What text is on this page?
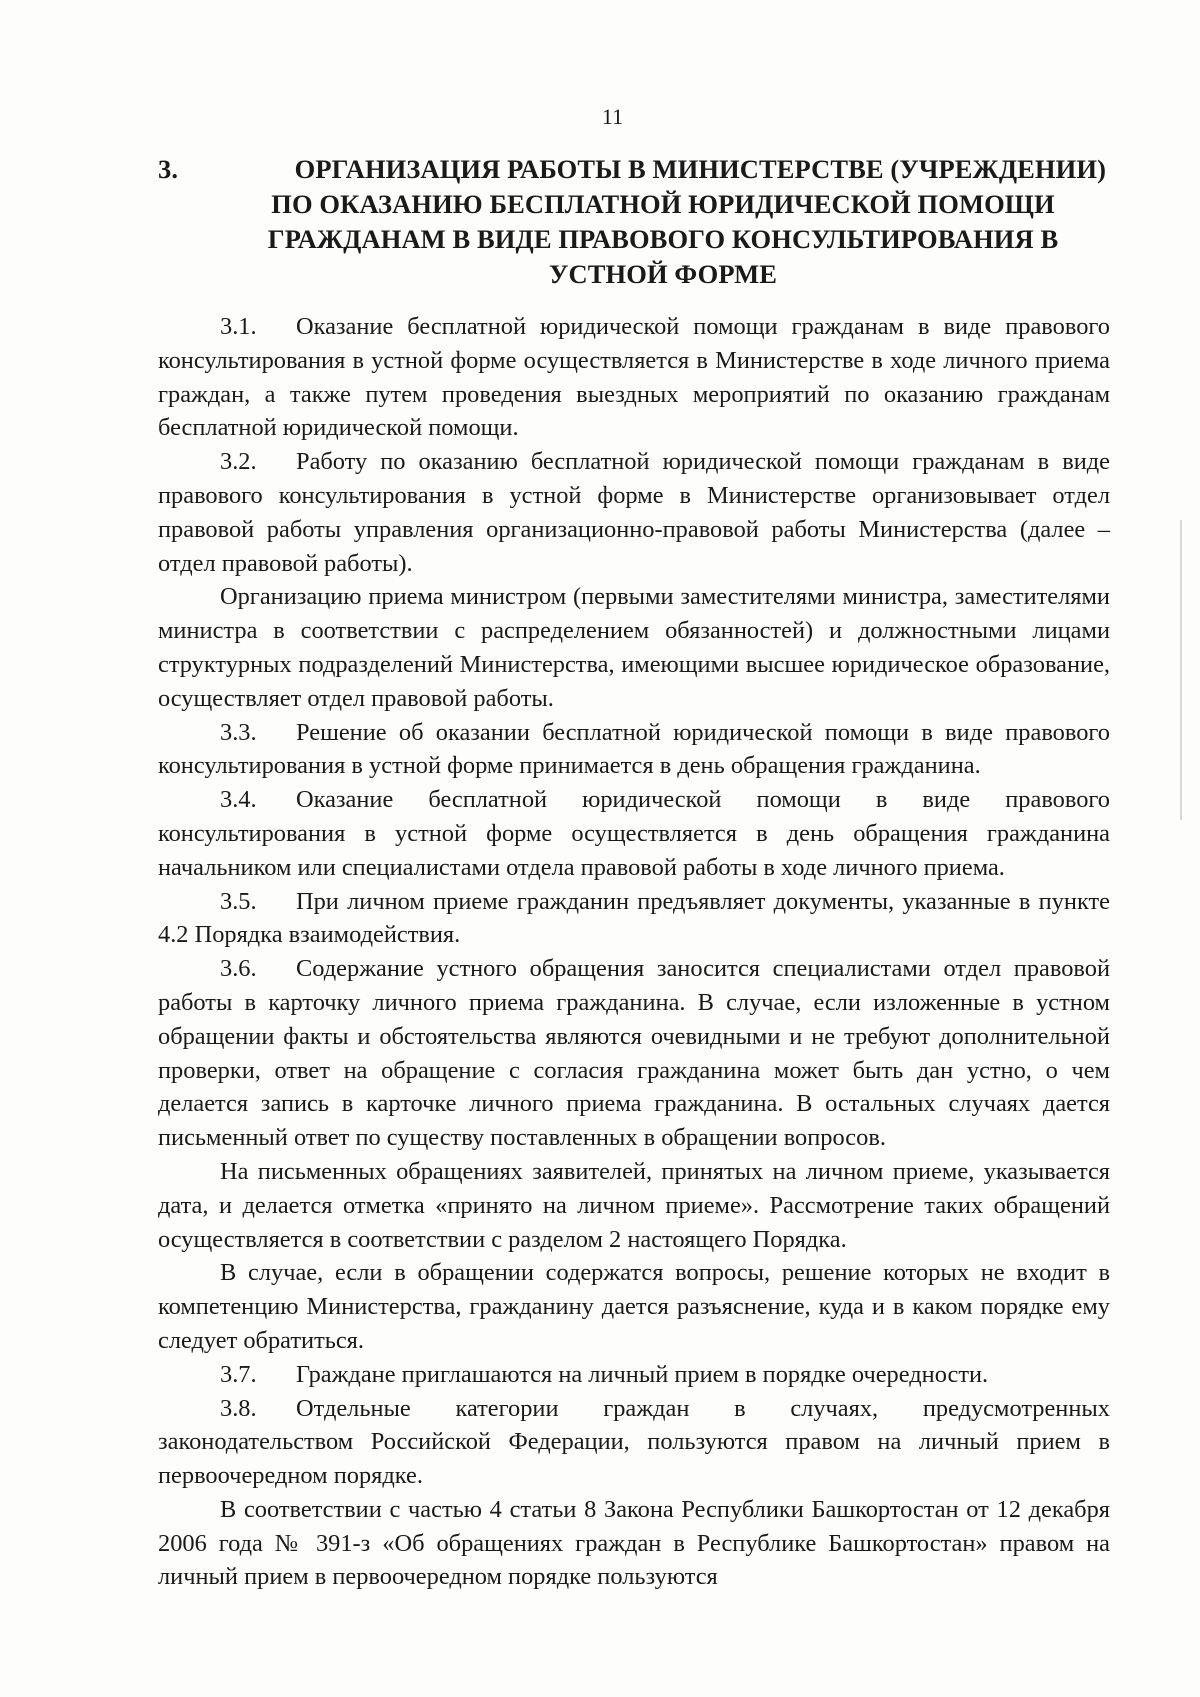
11
3.	ОРГАНИЗАЦИЯ РАБОТЫ В МИНИСТЕРСТВЕ (УЧРЕЖДЕНИИ)
ПО ОКАЗАНИЮ БЕСПЛАТНОЙ ЮРИДИЧЕСКОЙ ПОМОЩИ
ГРАЖДАНАМ В ВИДЕ ПРАВОВОГО КОНСУЛЬТИРОВАНИЯ В
УСТНОЙ ФОРМЕ

3.1. Оказание бесплатной юридической помощи гражданам в виде правового консультирования в устной форме осуществляется в Министерстве в ходе личного приема граждан, а также путем проведения выездных мероприятий по оказанию гражданам бесплатной юридической помощи.

3.2. Работу по оказанию бесплатной юридической помощи гражданам в виде правового консультирования в устной форме в Министерстве организовывает отдел правовой работы управления организационно-правовой работы Министерства (далее – отдел правовой работы).

Организацию приема министром (первыми заместителями министра, заместителями министра в соответствии с распределением обязанностей) и должностными лицами структурных подразделений Министерства, имеющими высшее юридическое образование, осуществляет отдел правовой работы.

3.3. Решение об оказании бесплатной юридической помощи в виде правового консультирования в устной форме принимается в день обращения гражданина.

3.4. Оказание бесплатной юридической помощи в виде правового консультирования в устной форме осуществляется в день обращения гражданина начальником или специалистами отдела правовой работы в ходе личного приема.

3.5. При личном приеме гражданин предъявляет документы, указанные в пункте 4.2 Порядка взаимодействия.

3.6. Содержание устного обращения заносится специалистами отдел правовой работы в карточку личного приема гражданина. В случае, если изложенные в устном обращении факты и обстоятельства являются очевидными и не требуют дополнительной проверки, ответ на обращение с согласия гражданина может быть дан устно, о чем делается запись в карточке личного приема гражданина. В остальных случаях дается письменный ответ по существу поставленных в обращении вопросов.

На письменных обращениях заявителей, принятых на личном приеме, указывается дата, и делается отметка «принято на личном приеме». Рассмотрение таких обращений осуществляется в соответствии с разделом 2 настоящего Порядка.

В случае, если в обращении содержатся вопросы, решение которых не входит в компетенцию Министерства, гражданину дается разъяснение, куда и в каком порядке ему следует обратиться.

3.7. Граждане приглашаются на личный прием в порядке очередности.

3.8. Отдельные категории граждан в случаях, предусмотренных законодательством Российской Федерации, пользуются правом на личный прием в первоочередном порядке.

В соответствии с частью 4 статьи 8 Закона Республики Башкортостан от 12 декабря 2006 года № 391-з «Об обращениях граждан в Республике Башкортостан» правом на личный прием в первоочередном порядке пользуются
